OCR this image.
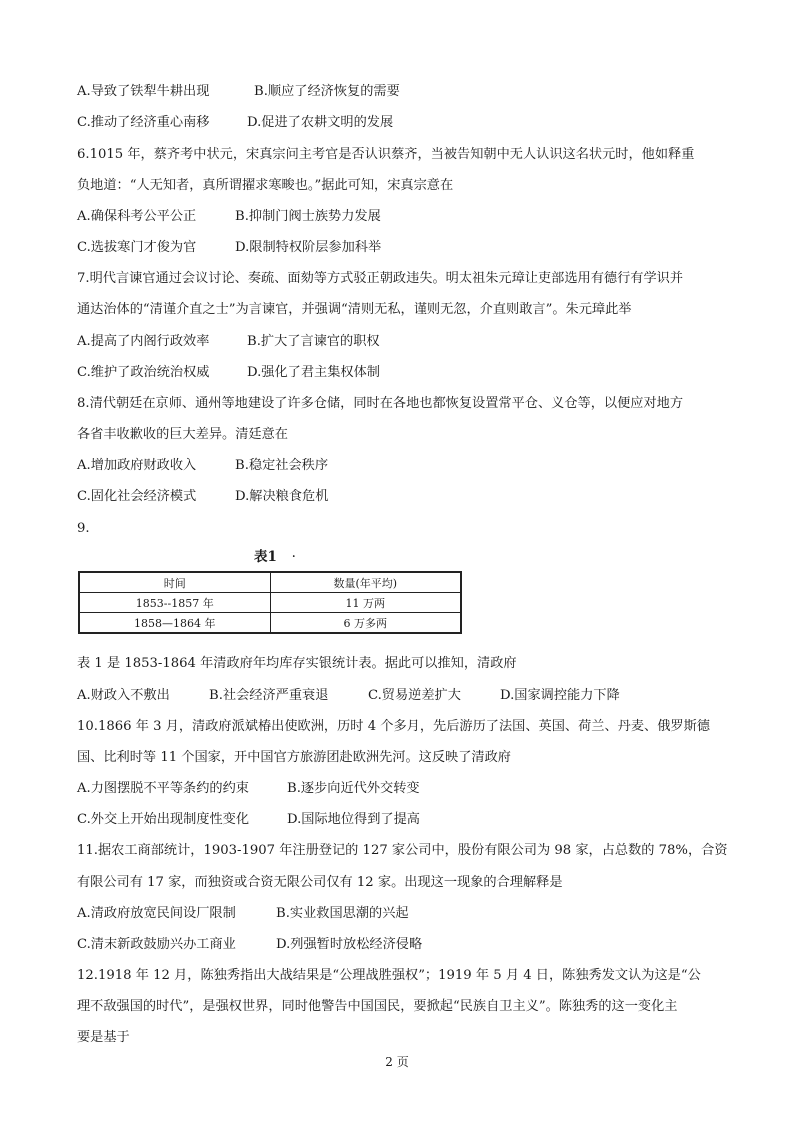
A.导致了铁犁牛耕出现	B.顺应了经济恢复的需要
C.推动了经济重心南移	D.促进了农耕文明的发展
6.1015 年，蔡齐考中状元，宋真宗问主考官是否认识蔡齐，当被告知朝中无人认识这名状元时，他如释重
负地道：“人无知者，真所谓擢求寒畯也。”据此可知，宋真宗意在
A.确保科考公平公正	B.抑制门阀士族势力发展
C.选拔寒门才俊为官	D.限制特权阶层参加科举
7.明代言谏官通过会议讨论、奏疏、面劾等方式驳正朝政违失。明太祖朱元璋让吏部选用有德行有学识并
通达治体的“清谨介直之士”为言谏官，并强调“清则无私，谨则无忽，介直则敢言”。朱元璋此举
A.提高了内阁行政效率	B.扩大了言谏官的职权
C.维护了政治统治权威	D.强化了君主集权体制
8.清代朝廷在京师、通州等地建设了许多仓储，同时在各地也都恢复设置常平仓、义仓等，以便应对地方
各省丰收歉收的巨大差异。清廷意在
A.增加政府财政收入	B.稳定社会秩序
C.固化社会经济模式	D.解决粮食危机
9.
表1 ·
时间	数量(年平均)
1853--1857 年	11 万两
1858—1864 年	6 万多两
表 1 是 1853-1864 年清政府年均库存实银统计表。据此可以推知，清政府
A.财政入不敷出	B.社会经济严重衰退	C.贸易逆差扩大	D.国家调控能力下降
10.1866 年 3 月，清政府派斌椿出使欧洲，历时 4 个多月，先后游历了法国、英国、荷兰、丹麦、俄罗斯德
国、比利时等 11 个国家，开中国官方旅游团赴欧洲先河。这反映了清政府
A.力图摆脱不平等条约的约束	B.逐步向近代外交转变
C.外交上开始出现制度性变化	D.国际地位得到了提高
11.据农工商部统计，1903-1907 年注册登记的 127 家公司中，股份有限公司为 98 家，占总数的 78%，合资
有限公司有 17 家，而独资或合资无限公司仅有 12 家。出现这一现象的合理解释是
A.清政府放宽民间设厂限制	B.实业救国思潮的兴起
C.清末新政鼓励兴办工商业	D.列强暂时放松经济侵略
12.1918 年 12 月，陈独秀指出大战结果是“公理战胜强权”；1919 年 5 月 4 日，陈独秀发文认为这是“公
理不敌强国的时代”，是强权世界，同时他警告中国国民，要掀起“民族自卫主义”。陈独秀的这一变化主
要是基于
2 页
